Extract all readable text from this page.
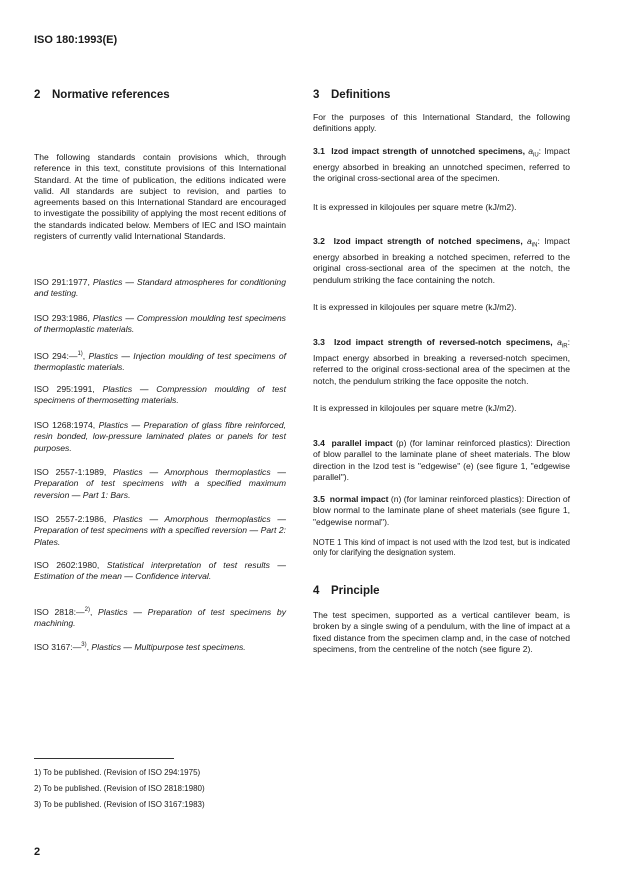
ISO 180:1993(E)
2 Normative references

The following standards contain provisions which, through reference in this text, constitute provisions of this International Standard. At the time of publication, the editions indicated were valid. All standards are subject to revision, and parties to agreements based on this International Standard are encouraged to investigate the possibility of applying the most recent editions of the standards indicated below. Members of IEC and ISO maintain registers of currently valid International Standards.

ISO 291:1977, Plastics — Standard atmospheres for conditioning and testing.

ISO 293:1986, Plastics — Compression moulding test specimens of thermoplastic materials.

ISO 294:—$^{1)}$, Plastics — Injection moulding of test specimens of thermoplastic materials.

ISO 295:1991, Plastics — Compression moulding of test specimens of thermosetting materials.

ISO 1268:1974, Plastics — Preparation of glass fibre reinforced, resin bonded, low-pressure laminated plates or panels for test purposes.

ISO 2557-1:1989, Plastics — Amorphous thermoplastics — Preparation of test specimens with a specified maximum reversion — Part 1: Bars.

ISO 2557-2:1986, Plastics — Amorphous thermoplastics — Preparation of test specimens with a specified reversion — Part 2: Plates.

ISO 2602:1980, Statistical interpretation of test results — Estimation of the mean — Confidence interval.

ISO 2818:—$^{2)}$, Plastics — Preparation of test specimens by machining.

ISO 3167:—$^{3)}$, Plastics — Multipurpose test specimens.

3 Definitions

For the purposes of this International Standard, the following definitions apply.

3.1 Izod impact strength of unnotched specimens, $a_{iU}$: Impact energy absorbed in breaking an unnotched specimen, referred to the original cross-sectional area of the specimen.

It is expressed in kilojoules per square metre (kJ/m2).

3.2 Izod impact strength of notched specimens, $a_{iN}$: Impact energy absorbed in breaking a notched specimen, referred to the original cross-sectional area of the specimen at the notch, the pendulum striking the face containing the notch.

It is expressed in kilojoules per square metre (kJ/m2).

3.3 Izod impact strength of reversed-notch specimens, $a_{iR}$: Impact energy absorbed in breaking a reversed-notch specimen, referred to the original cross-sectional area of the specimen at the notch, the pendulum striking the face opposite the notch.

It is expressed in kilojoules per square metre (kJ/m2).

3.4 parallel impact (p) (for laminar reinforced plastics): Direction of blow parallel to the laminate plane of sheet materials. The blow direction in the Izod test is "edgewise" (e) (see figure 1, "edgewise parallel").

3.5 normal impact (n) (for laminar reinforced plastics): Direction of blow normal to the laminate plane of sheet materials (see figure 1, "edgewise normal").

NOTE 1 This kind of impact is not used with the Izod test, but is indicated only for clarifying the designation system.

4 Principle

The test specimen, supported as a vertical cantilever beam, is broken by a single swing of a pendulum, with the line of impact at a fixed distance from the specimen clamp and, in the case of notched specimens, from the centreline of the notch (see figure 2).

1) To be published. (Revision of ISO 294:1975)
2) To be published. (Revision of ISO 2818:1980)
3) To be published. (Revision of ISO 3167:1983)
2
